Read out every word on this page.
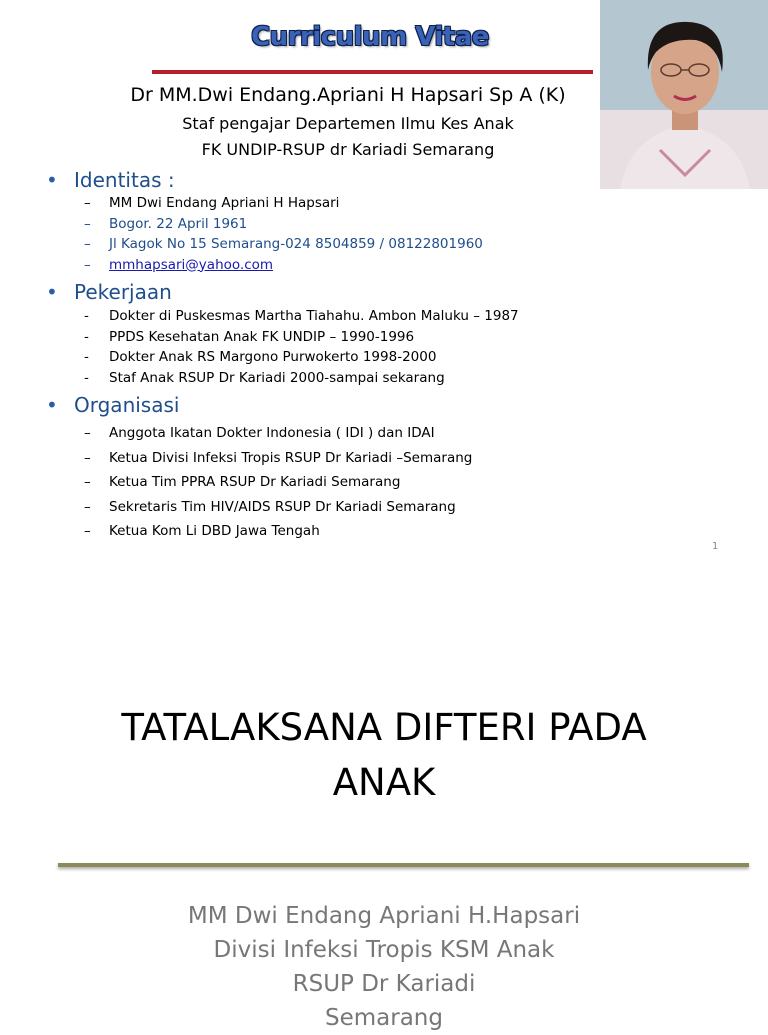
Curriculum Vitae
Dr MM.Dwi Endang.Apriani H Hapsari Sp A (K)
Staf pengajar Departemen Ilmu Kes Anak
FK UNDIP-RSUP dr Kariadi Semarang
• Identitas :
– MM Dwi Endang Apriani H Hapsari
– Bogor. 22 April 1961
– Jl Kagok No 15 Semarang-024 8504859 / 08122801960
– mmhapsari@yahoo.com
• Pekerjaan
- Dokter di Puskesmas Martha Tiahahu. Ambon Maluku – 1987
- PPDS Kesehatan Anak FK UNDIP – 1990-1996
- Dokter Anak RS Margono Purwokerto 1998-2000
- Staf Anak RSUP Dr Kariadi 2000-sampai sekarang
• Organisasi
– Anggota Ikatan Dokter Indonesia ( IDI ) dan IDAI
– Ketua Divisi Infeksi Tropis RSUP Dr Kariadi –Semarang
– Ketua Tim PPRA RSUP Dr Kariadi Semarang
– Sekretaris Tim HIV/AIDS RSUP Dr Kariadi Semarang
– Ketua Kom Li DBD Jawa Tengah
1
TATALAKSANA DIFTERI PADA
ANAK
MM Dwi Endang Apriani H.Hapsari
Divisi Infeksi Tropis KSM Anak
RSUP Dr Kariadi
Semarang
